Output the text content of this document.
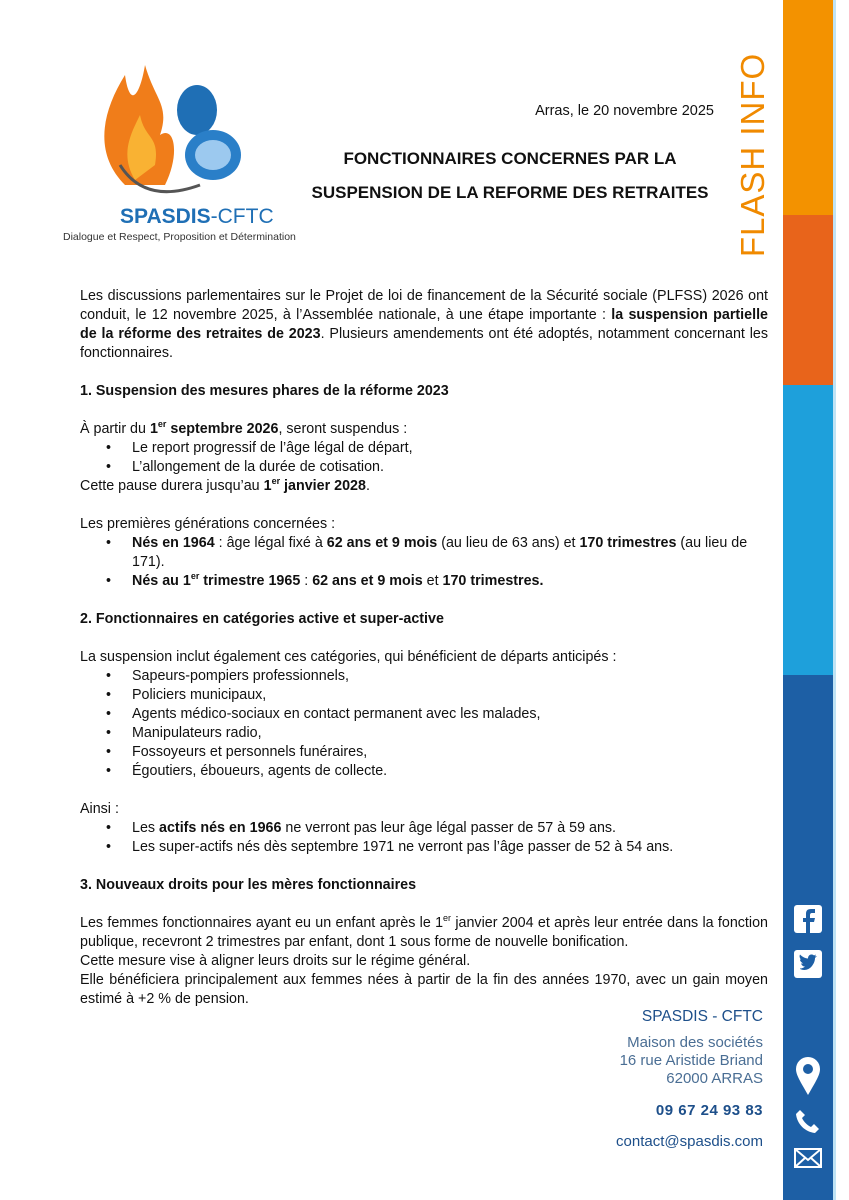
FLASH INFO
SPASDIS-CFTC
Dialogue et Respect, Proposition et Détermination
Arras, le 20 novembre 2025
FONCTIONNAIRES CONCERNES PAR LA
SUSPENSION DE LA REFORME DES RETRAITES

Les discussions parlementaires sur le Projet de loi de financement de la Sécurité sociale (PLFSS) 2026 ont conduit, le 12 novembre 2025, à l’Assemblée nationale, à une étape importante : la suspension partielle de la réforme des retraites de 2023. Plusieurs amendements ont été adoptés, notamment concernant les fonctionnaires.

1. Suspension des mesures phares de la réforme 2023
À partir du 1er septembre 2026, seront suspendus :
• Le report progressif de l’âge légal de départ,
• L’allongement de la durée de cotisation.

Cette pause durera jusqu’au 1er janvier 2028.

Les premières générations concernées :
• Nés en 1964 : âge légal fixé à 62 ans et 9 mois (au lieu de 63 ans) et 170 trimestres (au lieu de 171).
• Nés au 1er trimestre 1965 : 62 ans et 9 mois et 170 trimestres.
2. Fonctionnaires en catégories active et super-active
La suspension inclut également ces catégories, qui bénéficient de départs anticipés :
• Sapeurs-pompiers professionnels,
• Policiers municipaux,
• Agents médico-sociaux en contact permanent avec les malades,
• Manipulateurs radio,
• Fossoyeurs et personnels funéraires,
• Égoutiers, éboueurs, agents de collecte.
Ainsi :
• Les actifs nés en 1966 ne verront pas leur âge légal passer de 57 à 59 ans.
• Les super-actifs nés dès septembre 1971 ne verront pas l’âge passer de 52 à 54 ans.
3. Nouveaux droits pour les mères fonctionnaires
Les femmes fonctionnaires ayant eu un enfant après le 1er janvier 2004 et après leur entrée dans la fonction publique, recevront 2 trimestres par enfant, dont 1 sous forme de nouvelle bonification.
Cette mesure vise à aligner leurs droits sur le régime général.
Elle bénéficiera principalement aux femmes nées à partir de la fin des années 1970, avec un gain moyen estimé à +2 % de pension.
SPASDIS - CFTC
Maison des sociétés
16 rue Aristide Briand
62000 ARRAS
09 67 24 93 83
contact@spasdis.com
